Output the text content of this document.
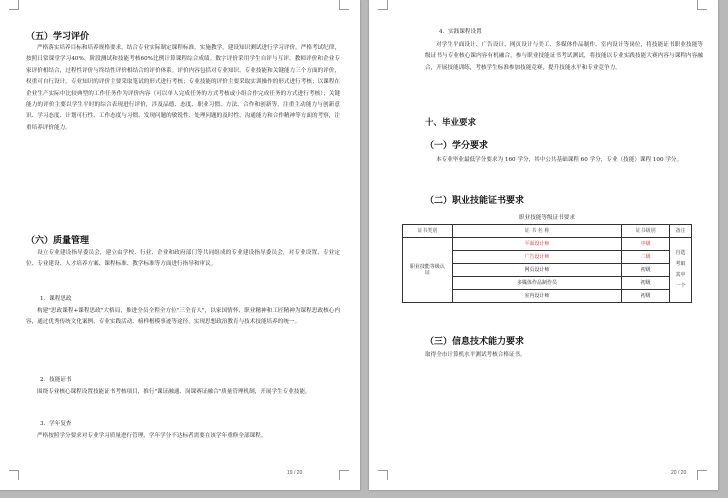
（五）学习评价
严格落实培养目标和培养规格要求，结合专业实际制定课程标准，实施教学，建设知识测试进行学习评价。严格考试纪律，按照日常课堂学习40%、阶段测试和技能考核60%比例计算课程综合成绩。数字评价采用学生自评与互评、教师评价和企业专家评价相结合，过程性评价与终结性评价相结合的评价体系。评价内容包括对专业知识、专业技能和关键能力三个方面的评价，权重可自行设计。专业知识的评价主要采取笔试的形式进行考核；专业技能的评价主要采取实训操作的形式进行考核；以课程在企业生产实际中比较典型的工作任务作为评价内容（可以单人完成任务的方式考核或小组合作完成任务的方式进行考核）；关键能力的评价主要以学生平时的综合表现进行评价，涉及品德、态度、职业习惯、方法、合作和创新等，注重主动能力与创新意识、学习态度、计划可行性、工作态度与习惯、发现问题的敏锐性、处理问题的及时性、沟通能力和合作精神等方面的考察，注重培养评价能力。
（六）质量管理
设立专业建设指导委员会，建立由学校、行业、企业和政府部门等共同组成的专业建设指导委员会，对专业设置、专业定位、专业建设、人才培养方案、课程标准、教学标准等方面进行指导和审议。
1．课程思政
构建"思政课程+课程思政"大格局，推进全员全程全方位"三全育人"，以家国情怀、职业精神和工匠精神为课程思政核心内容，通过优秀传统文化案例、专业实践活动、榜样楷模事迹等途径，实现思想政治教育与技术技能培养的统一。
2．技能证书
围绕专业核心课程设置技能证书考核项目，推行"课证融通、岗课赛证融合"质量管理机制，开展学生专业技能。
3．学年复查
严格按照学分要求对专业学习质量进行管理，学年学分不达标者需要在该学年重修全部课程。
19 / 20
4．实践课程设置
对学生平面设计、广告设计、网页设计与美工、多媒体作品制作、室内设计等岗位，将技能证书职业技能等级证书与专业核心课内容有机融合，参与职业技能证书考试测试，将技能以专业实践技能大赛内容与课程内容融合，开展技能训练，考核学生标准参加技能竞赛，提升技能水平和专业竞争力。
十、毕业要求
（一）学分要求
本专业毕业最低学分要求为 160 学分，其中公共基础课程 60 学分，专业（技能）课程 100 学分。
（二）职业技能证书要求
职业技能等级证书要求
证书类别	证 书 名 称	证书级别	备注
职业技能等级认证	平面设计师	中级	自选考取其中一个
	广告设计师	二级	
	网页设计师	初级	
	多媒体作品制作员	初级	
	室内设计师	初级	
（三）信息技术能力要求
取得全市计算机水平测试考核合格证书。
20 / 20
